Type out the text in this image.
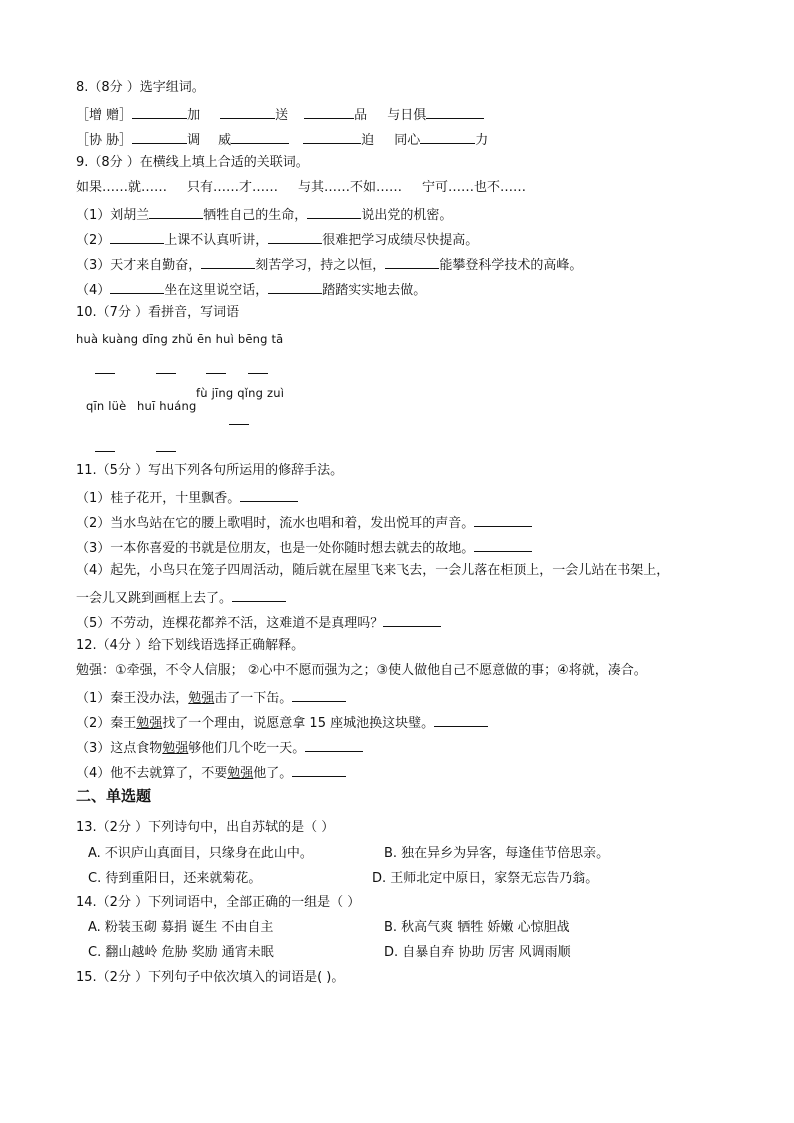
8.（8分 ）选字组词。
［增 赠］	加	送	品 与日俱
［协 胁］	调 威	迫 同心	力
9.（8分 ）在横线上填上合适的关联词。
如果……就…… 只有……才…… 与其……不如…… 宁可……也不……
（1）刘胡兰	牺牲自己的生命，	说出党的机密。
（2）	上课不认真听讲，	很难把学习成绩尽快提高。
（3）天才来自勤奋，	刻苦学习，持之以恒，	能攀登科学技术的高峰。
（4）	坐在这里说空话，	踏踏实实地去做。
10.（7分 ）看拼音，写词语
huà kuàng dīng zhǔ ēn huì bēng tā
fù jīng qǐng zuì
qīn lüè huī huáng
11.（5分 ）写出下列各句所运用的修辞手法。
（1）桂子花开，十里飘香。
（2）当水鸟站在它的腰上歌唱时，流水也唱和着，发出悦耳的声音。
（3）一本你喜爱的书就是位朋友，也是一处你随时想去就去的故地。
（4）起先，小鸟只在笼子四周活动，随后就在屋里飞来飞去，一会儿落在柜顶上，一会儿站在书架上，
一会儿又跳到画框上去了。
（5）不劳动，连棵花都养不活，这难道不是真理吗？
12.（4分 ）给下划线语选择正确解释。
勉强：①牵强，不令人信服； ②心中不愿而强为之；③使人做他自己不愿意做的事；④将就，凑合。
（1）秦王没办法，勉强击了一下缶。
（2）秦王勉强找了一个理由，说愿意拿 15 座城池换这块璧。
（3）这点食物勉强够他们几个吃一天。
（4）他不去就算了，不要勉强他了。
二、单选题
13.（2分 ）下列诗句中，出自苏轼的是（ ）
A. 不识庐山真面目，只缘身在此山中。	B. 独在异乡为异客，每逢佳节倍思亲。
C. 待到重阳日，还来就菊花。	D. 王师北定中原日，家祭无忘告乃翁。
14.（2分 ）下列词语中，全部正确的一组是（ ）
A. 粉装玉砌 募捐 诞生 不由自主	B. 秋高气爽 牺牲 娇嫩 心惊胆战
C. 翻山越岭 危胁 奖励 通宵未眠	D. 自暴自弃 协助 厉害 风调雨顺
15.（2分 ）下列句子中依次填入的词语是( )。
